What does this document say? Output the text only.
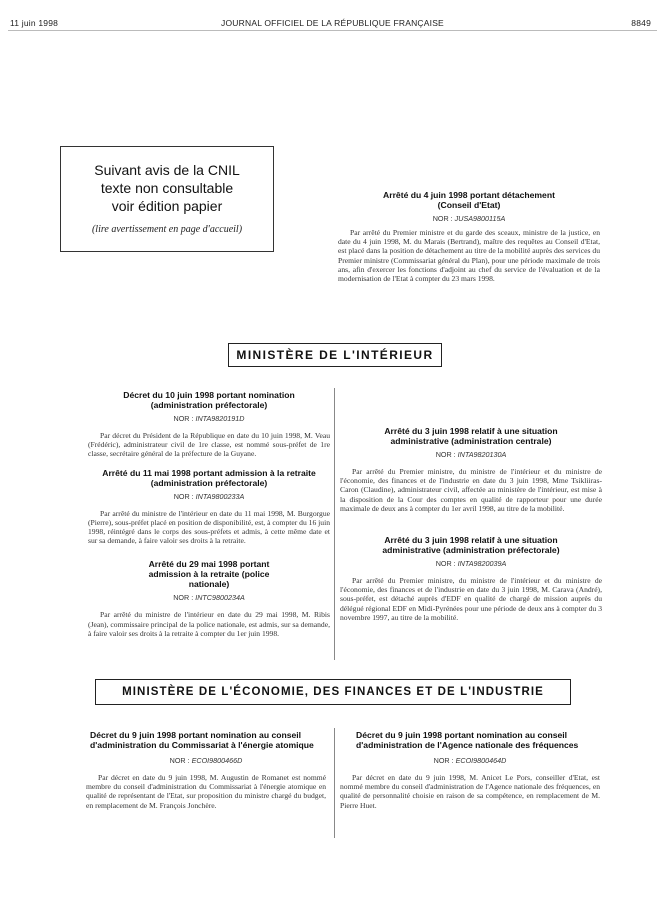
11 juin 1998	JOURNAL OFFICIEL DE LA RÉPUBLIQUE FRANÇAISE	8849
Suivant avis de la CNIL
texte non consultable
voir édition papier
(lire avertissement en page d'accueil)
Arrêté du 4 juin 1998 portant détachement (Conseil d'Etat)
NOR : JUSA9800115A
Par arrêté du Premier ministre et du garde des sceaux, ministre de la justice, en date du 4 juin 1998, M. du Marais (Bertrand), maître des requêtes au Conseil d'Etat, est placé dans la position de détachement au titre de la mobilité auprès des services du Premier ministre (Commissariat général du Plan), pour une période maximale de trois ans, afin d'exercer les fonctions d'adjoint au chef du service de l'évaluation et de la modernisation de l'Etat à compter du 23 mars 1998.
MINISTÈRE DE L'INTÉRIEUR
Décret du 10 juin 1998 portant nomination (administration préfectorale)
NOR : INTA9820191D
Par décret du Président de la République en date du 10 juin 1998, M. Veau (Frédéric), administrateur civil de 1re classe, est nommé sous-préfet de 1re classe, secrétaire général de la préfecture de la Guyane.
Arrêté du 11 mai 1998 portant admission à la retraite (administration préfectorale)
NOR : INTA9800233A
Par arrêté du ministre de l'intérieur en date du 11 mai 1998, M. Burgorgue (Pierre), sous-préfet placé en position de disponibilité, est, à compter du 16 juin 1998, réintégré dans le corps des sous-préfets et admis, à cette même date et sur sa demande, à faire valoir ses droits à la retraite.
Arrêté du 29 mai 1998 portant admission à la retraite (police nationale)
NOR : INTC9800234A
Par arrêté du ministre de l'intérieur en date du 29 mai 1998, M. Ribis (Jean), commissaire principal de la police nationale, est admis, sur sa demande, à faire valoir ses droits à la retraite à compter du 1er juin 1998.
Arrêté du 3 juin 1998 relatif à une situation administrative (administration centrale)
NOR : INTA9820130A
Par arrêté du Premier ministre, du ministre de l'intérieur et du ministre de l'économie, des finances et de l'industrie en date du 3 juin 1998, Mme Tsikliiras-Caron (Claudine), administrateur civil, affectée au ministère de l'intérieur, est mise à la disposition de la Cour des comptes en qualité de rapporteur pour une durée maximale de deux ans à compter du 1er avril 1998, au titre de la mobilité.
Arrêté du 3 juin 1998 relatif à une situation administrative (administration préfectorale)
NOR : INTA9820039A
Par arrêté du Premier ministre, du ministre de l'intérieur et du ministre de l'économie, des finances et de l'industrie en date du 3 juin 1998, M. Carava (André), sous-préfet, est détaché auprès d'EDF en qualité de chargé de mission auprès du délégué régional EDF en Midi-Pyrénées pour une période de deux ans à compter du 3 novembre 1997, au titre de la mobilité.
MINISTÈRE DE L'ÉCONOMIE, DES FINANCES ET DE L'INDUSTRIE
Décret du 9 juin 1998 portant nomination au conseil d'administration du Commissariat à l'énergie atomique
NOR : ECOI9800466D
Par décret en date du 9 juin 1998, M. Augustin de Romanet est nommé membre du conseil d'administration du Commissariat à l'énergie atomique en qualité de représentant de l'Etat, sur proposition du ministre chargé du budget, en remplacement de M. François Jonchère.
Décret du 9 juin 1998 portant nomination au conseil d'administration de l'Agence nationale des fréquences
NOR : ECOI9800464D
Par décret en date du 9 juin 1998, M. Anicet Le Pors, conseiller d'Etat, est nommé membre du conseil d'administration de l'Agence nationale des fréquences, en qualité de personnalité choisie en raison de sa compétence, en remplacement de M. Pierre Huet.
